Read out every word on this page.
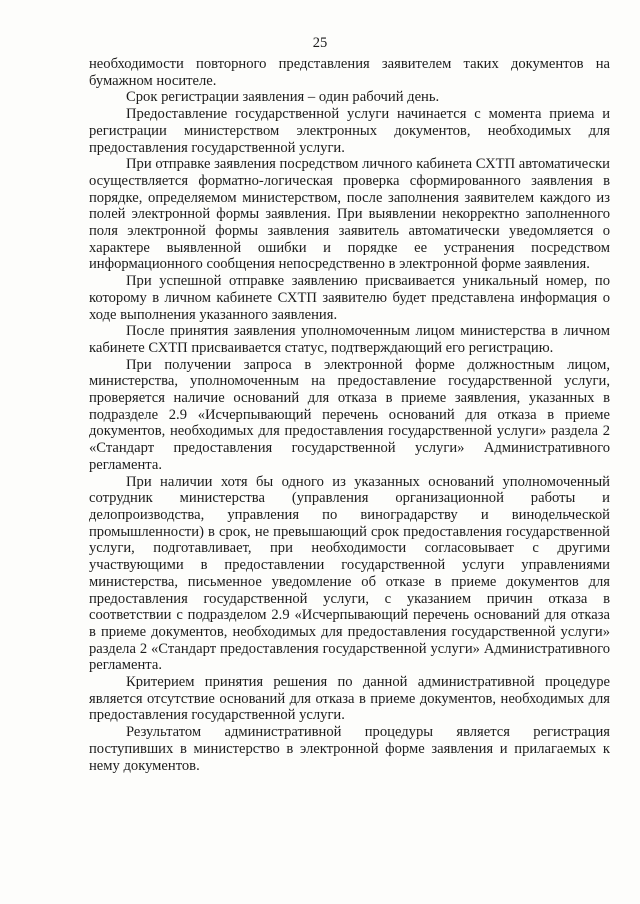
25

необходимости повторного представления заявителем таких документов на бумажном носителе.

Срок регистрации заявления – один рабочий день.

Предоставление государственной услуги начинается с момента приема и регистрации министерством электронных документов, необходимых для предоставления государственной услуги.

При отправке заявления посредством личного кабинета СХТП автоматически осуществляется форматно-логическая проверка сформированного заявления в порядке, определяемом министерством, после заполнения заявителем каждого из полей электронной формы заявления. При выявлении некорректно заполненного поля электронной формы заявления заявитель автоматически уведомляется о характере выявленной ошибки и порядке ее устранения посредством информационного сообщения непосредственно в электронной форме заявления.

При успешной отправке заявлению присваивается уникальный номер, по которому в личном кабинете СХТП заявителю будет представлена информация о ходе выполнения указанного заявления.

После принятия заявления уполномоченным лицом министерства в личном кабинете СХТП присваивается статус, подтверждающий его регистрацию.

При получении запроса в электронной форме должностным лицом, министерства, уполномоченным на предоставление государственной услуги, проверяется наличие оснований для отказа в приеме заявления, указанных в подразделе 2.9 «Исчерпывающий перечень оснований для отказа в приеме документов, необходимых для предоставления государственной услуги» раздела 2 «Стандарт предоставления государственной услуги» Административного регламента.

При наличии хотя бы одного из указанных оснований уполномоченный сотрудник министерства (управления организационной работы и делопроизводства, управления по виноградарству и винодельческой промышленности) в срок, не превышающий срок предоставления государственной услуги, подготавливает, при необходимости согласовывает с другими участвующими в предоставлении государственной услуги управлениями министерства, письменное уведомление об отказе в приеме документов для предоставления государственной услуги, с указанием причин отказа в соответствии с подразделом 2.9 «Исчерпывающий перечень оснований для отказа в приеме документов, необходимых для предоставления государственной услуги» раздела 2 «Стандарт предоставления государственной услуги» Административного регламента.

Критерием принятия решения по данной административной процедуре является отсутствие оснований для отказа в приеме документов, необходимых для предоставления государственной услуги.

Результатом административной процедуры является регистрация поступивших в министерство в электронной форме заявления и прилагаемых к нему документов.
